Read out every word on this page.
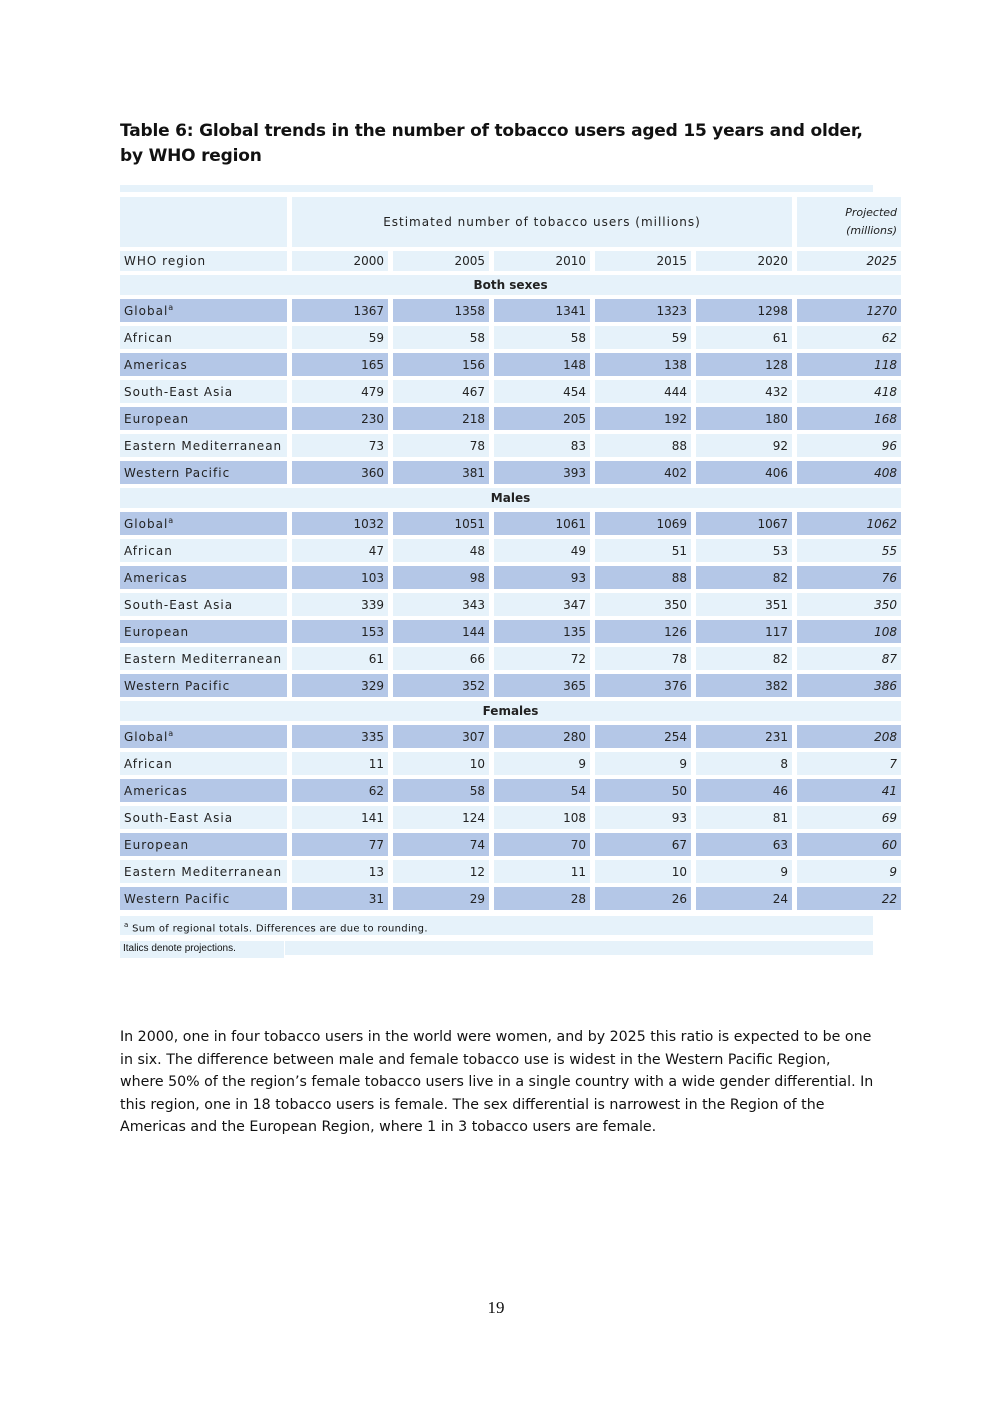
Table 6: Global trends in the number of tobacco users aged 15 years and older, by WHO region
	Estimated number of tobacco users (millions)					Projected
(millions)
WHO region	2000	2005	2010	2015	2020	2025
Both sexes						
Global$^a$	1367	1358	1341	1323	1298	1270
African	59	58	58	59	61	62
Americas	165	156	148	138	128	118
South-East Asia	479	467	454	444	432	418
European	230	218	205	192	180	168
Eastern Mediterranean	73	78	83	88	92	96
Western Pacific	360	381	393	402	406	408
Males						
Global$^a$	1032	1051	1061	1069	1067	1062
African	47	48	49	51	53	55
Americas	103	98	93	88	82	76
South-East Asia	339	343	347	350	351	350
European	153	144	135	126	117	108
Eastern Mediterranean	61	66	72	78	82	87
Western Pacific	329	352	365	376	382	386
Females						
Global$^a$	335	307	280	254	231	208
African	11	10	9	9	8	7
Americas	62	58	54	50	46	41
South-East Asia	141	124	108	93	81	69
European	77	74	70	67	63	60
Eastern Mediterranean	13	12	11	10	9	9
Western Pacific	31	29	28	26	24	22
$^a$ Sum of regional totals. Differences are due to rounding.
Italics denote projections.
In 2000, one in four tobacco users in the world were women, and by 2025 this ratio is expected to be one in six. The difference between male and female tobacco use is widest in the Western Pacific Region, where 50% of the region’s female tobacco users live in a single country with a wide gender differential. In this region, one in 18 tobacco users is female. The sex differential is narrowest in the Region of the Americas and the European Region, where 1 in 3 tobacco users are female.
19
